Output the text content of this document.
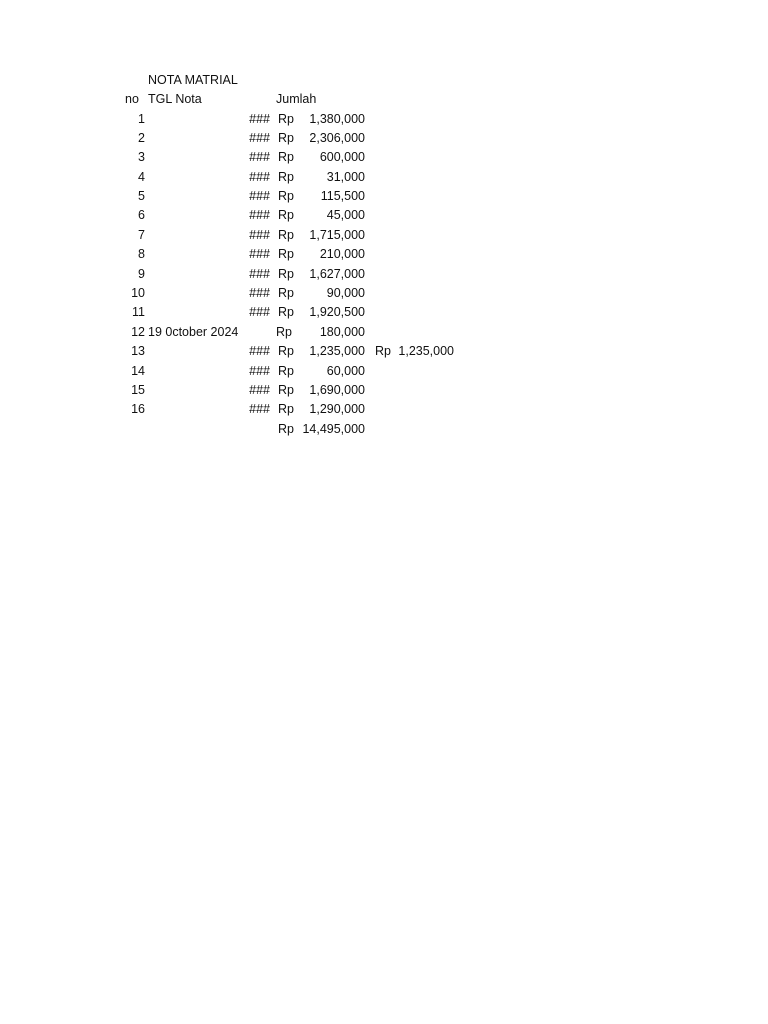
NOTA MATRIAL
no TGL Nota	Jumlah
1	### Rp 1,380,000
2	### Rp 2,306,000
3	### Rp 600,000
4	### Rp	31,000
5	### Rp 115,500
6	### Rp	45,000
7	### Rp 1,715,000
8	### Rp 210,000
9	### Rp 1,627,000
10	### Rp	90,000
11	### Rp 1,920,500
12 19 0ctober 2024	Rp 180,000
13	### Rp 1,235,000 Rp 1,235,000
14	### Rp	60,000
15	### Rp 1,690,000
16	### Rp 1,290,000
Rp 14,495,000
